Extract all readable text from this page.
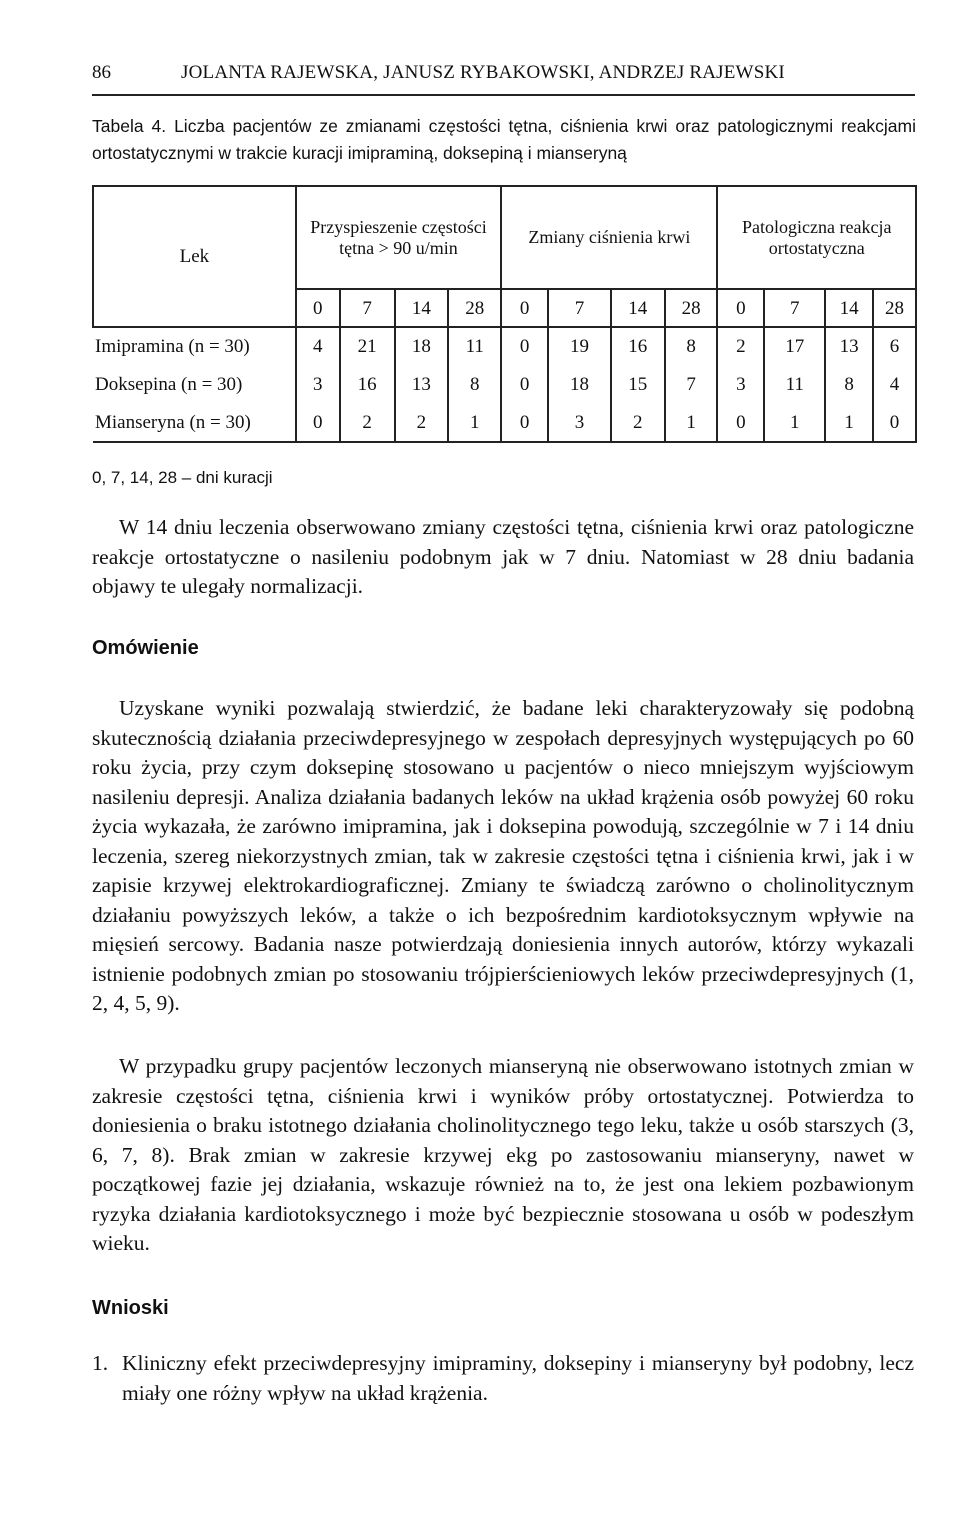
86	JOLANTA RAJEWSKA, JANUSZ RYBAKOWSKI, ANDRZEJ RAJEWSKI
Tabela 4. Liczba pacjentów ze zmianami częstości tętna, ciśnienia krwi oraz patologicznymi reakcjami ortostatycznymi w trakcie kuracji imipraminą, doksepiną i mianseryną
Lek	Przyspieszenie częstości tętna > 90 u/min				Zmiany ciśnienia krwi				Patologiczna reakcja ortostatyczna			
	0	7	14	28	0	7	14	28	0	7	14	28
Imipramina (n = 30)	4	21	18	11	0	19	16	8	2	17	13	6
Doksepina (n = 30)	3	16	13	8	0	18	15	7	3	11	8	4
Mianseryna (n = 30)	0	2	2	1	0	3	2	1	0	1	1	0
0, 7, 14, 28 – dni kuracji
W 14 dniu leczenia obserwowano zmiany częstości tętna, ciśnienia krwi oraz patologiczne reakcje ortostatyczne o nasileniu podobnym jak w 7 dniu. Natomiast w 28 dniu badania objawy te ulegały normalizacji.
Omówienie
Uzyskane wyniki pozwalają stwierdzić, że badane leki charakteryzowały się podobną skutecznością działania przeciwdepresyjnego w zespołach depresyjnych występujących po 60 roku życia, przy czym doksepinę stosowano u pacjentów o nieco mniejszym wyjściowym nasileniu depresji. Analiza działania badanych leków na układ krążenia osób powyżej 60 roku życia wykazała, że zarówno imipramina, jak i doksepina powodują, szczególnie w 7 i 14 dniu leczenia, szereg niekorzystnych zmian, tak w zakresie częstości tętna i ciśnienia krwi, jak i w zapisie krzywej elektrokardiograficznej. Zmiany te świadczą zarówno o cholinolitycznym działaniu powyższych leków, a także o ich bezpośrednim kardiotoksycznym wpływie na mięsień sercowy. Badania nasze potwierdzają doniesienia innych autorów, którzy wykazali istnienie podobnych zmian po stosowaniu trójpierścieniowych leków przeciwdepresyjnych (1, 2, 4, 5, 9).
W przypadku grupy pacjentów leczonych mianseryną nie obserwowano istotnych zmian w zakresie częstości tętna, ciśnienia krwi i wyników próby ortostatycznej. Potwierdza to doniesienia o braku istotnego działania cholinolitycznego tego leku, także u osób starszych (3, 6, 7, 8). Brak zmian w zakresie krzywej ekg po zastosowaniu mianseryny, nawet w początkowej fazie jej działania, wskazuje również na to, że jest ona lekiem pozbawionym ryzyka działania kardiotoksycznego i może być bezpiecznie stosowana u osób w podeszłym wieku.
Wnioski
1. Kliniczny efekt przeciwdepresyjny imipraminy, doksepiny i mianseryny był podobny, lecz miały one różny wpływ na układ krążenia.
